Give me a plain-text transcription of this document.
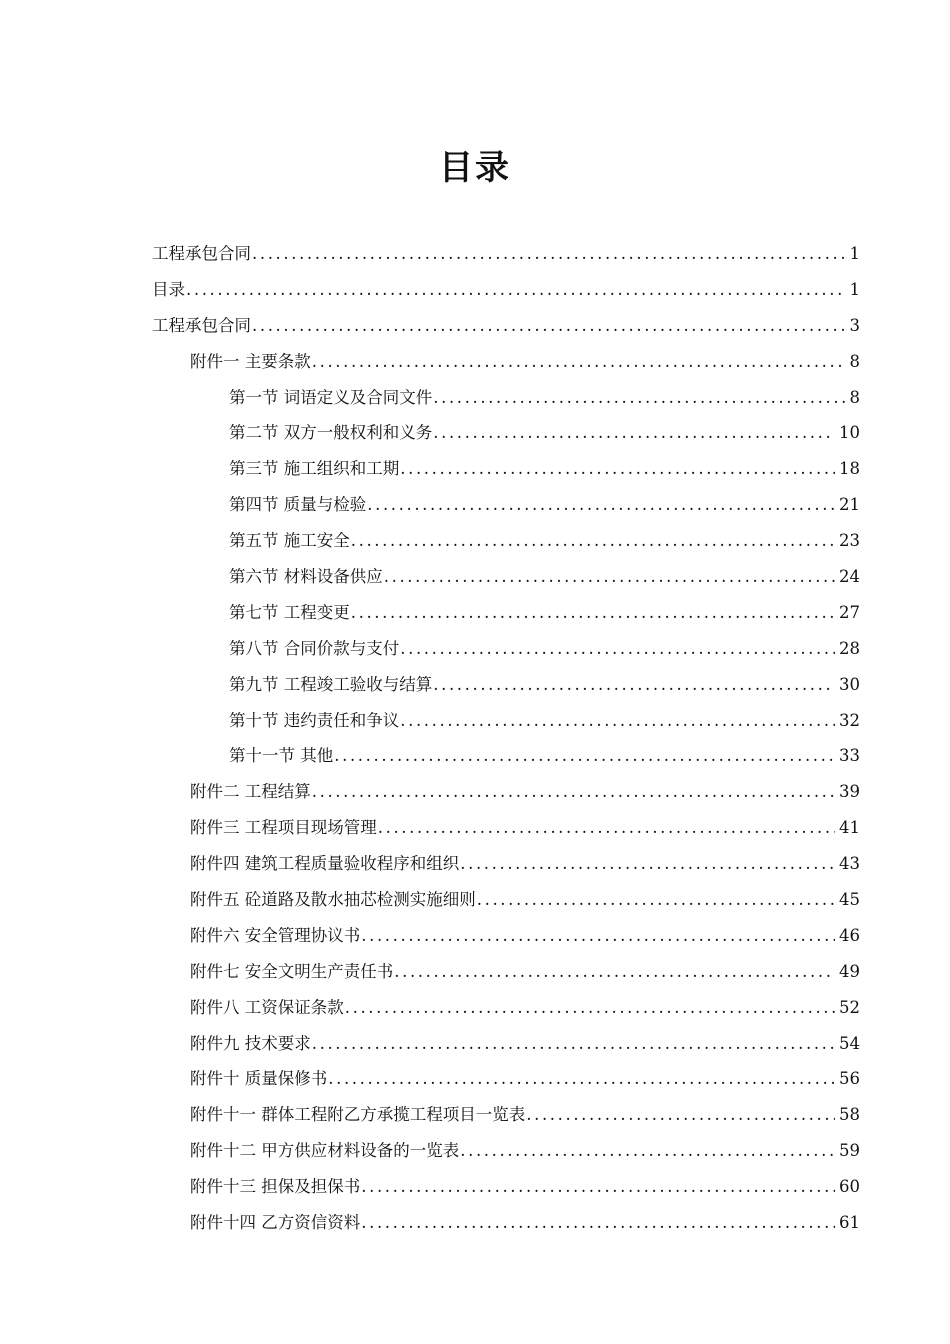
目录
工程承包合同 .....	1
目录 .....	1
工程承包合同 .....	3
附件一 主要条款 .....	8
第一节 词语定义及合同文件 .....	8
第二节 双方一般权利和义务 .....	10
第三节 施工组织和工期 .....	18
第四节 质量与检验 .....	21
第五节 施工安全 .....	23
第六节 材料设备供应 .....	24
第七节 工程变更 .....	27
第八节 合同价款与支付 .....	28
第九节 工程竣工验收与结算 .....	30
第十节 违约责任和争议 .....	32
第十一节 其他 .....	33
附件二 工程结算 .....	39
附件三 工程项目现场管理 .....	41
附件四 建筑工程质量验收程序和组织 .....	43
附件五 砼道路及散水抽芯检测实施细则 .....	45
附件六 安全管理协议书 .....	46
附件七 安全文明生产责任书 .....	49
附件八 工资保证条款 .....	52
附件九 技术要求 .....	54
附件十 质量保修书 .....	56
附件十一 群体工程附乙方承揽工程项目一览表 .....	58
附件十二 甲方供应材料设备的一览表 .....	59
附件十三 担保及担保书 .....	60
附件十四 乙方资信资料 .....	61
